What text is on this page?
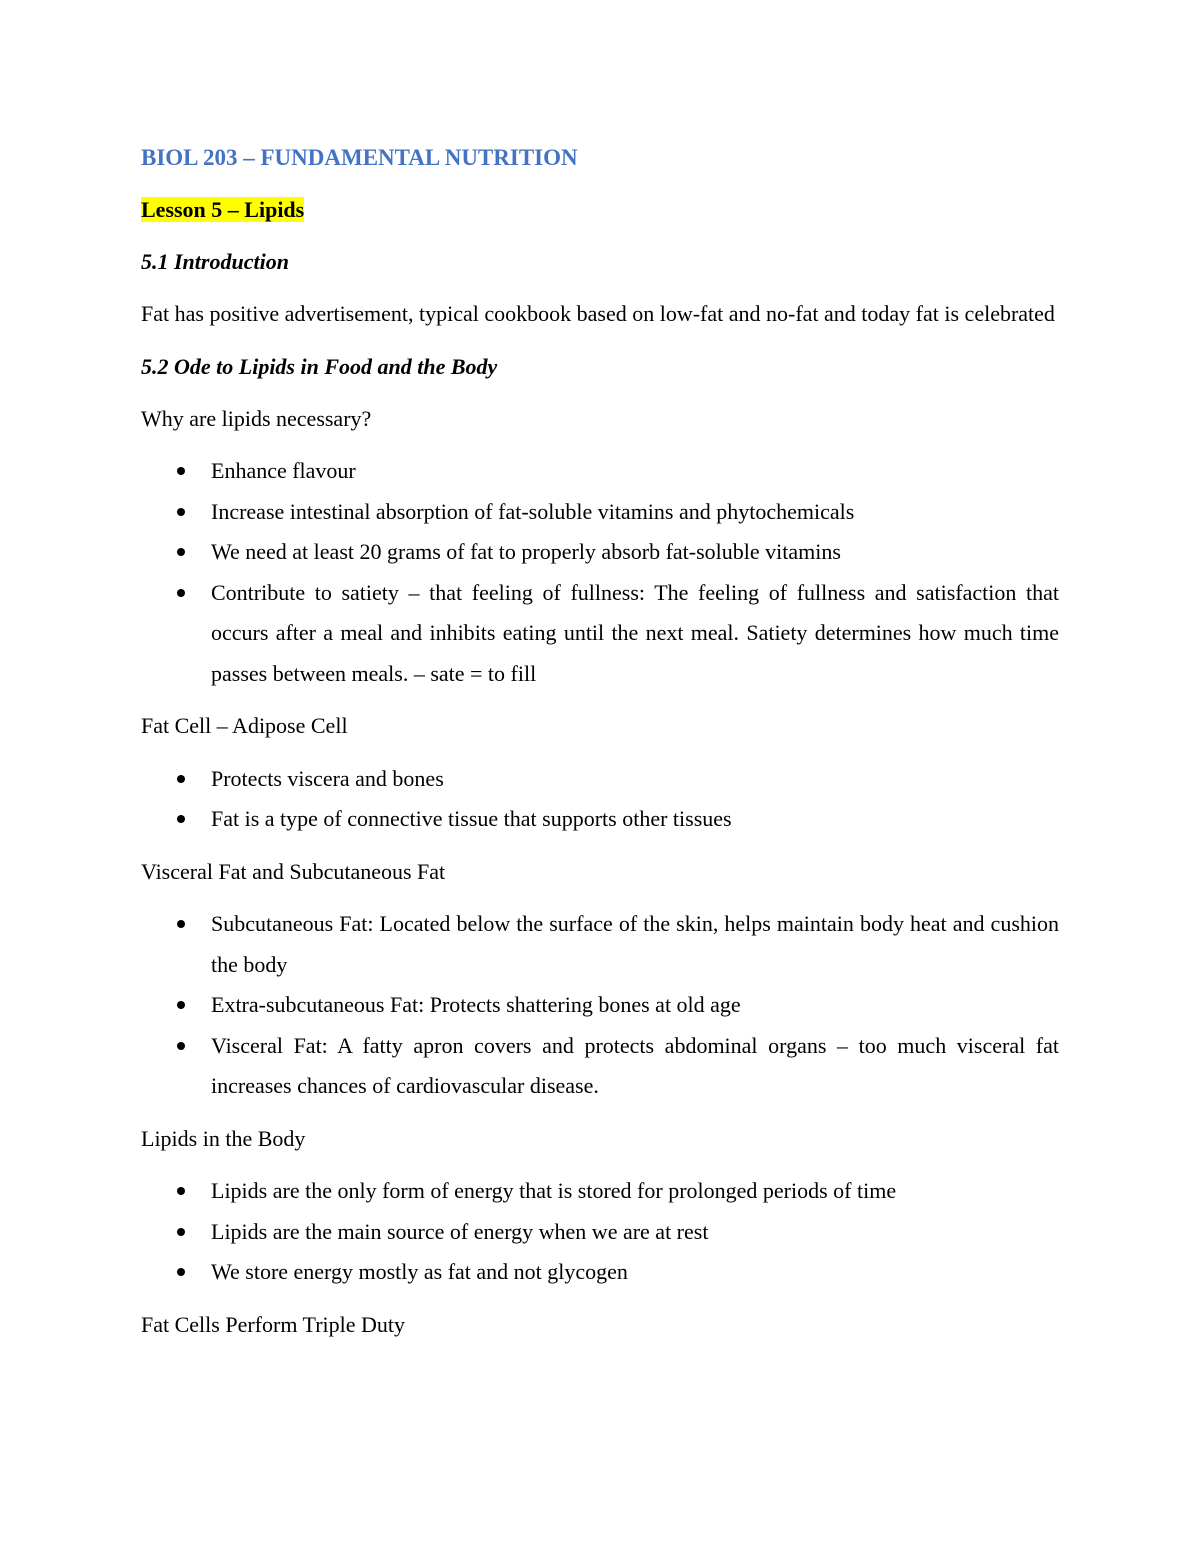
BIOL 203 – FUNDAMENTAL NUTRITION

Lesson 5 – Lipids

5.1 Introduction

Fat has positive advertisement, typical cookbook based on low-fat and no-fat and today fat is celebrated

5.2 Ode to Lipids in Food and the Body

Why are lipids necessary?

Enhance flavour
Increase intestinal absorption of fat-soluble vitamins and phytochemicals
We need at least 20 grams of fat to properly absorb fat-soluble vitamins
Contribute to satiety – that feeling of fullness: The feeling of fullness and satisfaction that occurs after a meal and inhibits eating until the next meal. Satiety determines how much time passes between meals. – sate = to fill

Fat Cell – Adipose Cell

Protects viscera and bones
Fat is a type of connective tissue that supports other tissues

Visceral Fat and Subcutaneous Fat

Subcutaneous Fat: Located below the surface of the skin, helps maintain body heat and cushion the body
Extra-subcutaneous Fat: Protects shattering bones at old age
Visceral Fat: A fatty apron covers and protects abdominal organs – too much visceral fat increases chances of cardiovascular disease.

Lipids in the Body

Lipids are the only form of energy that is stored for prolonged periods of time
Lipids are the main source of energy when we are at rest
We store energy mostly as fat and not glycogen

Fat Cells Perform Triple Duty
